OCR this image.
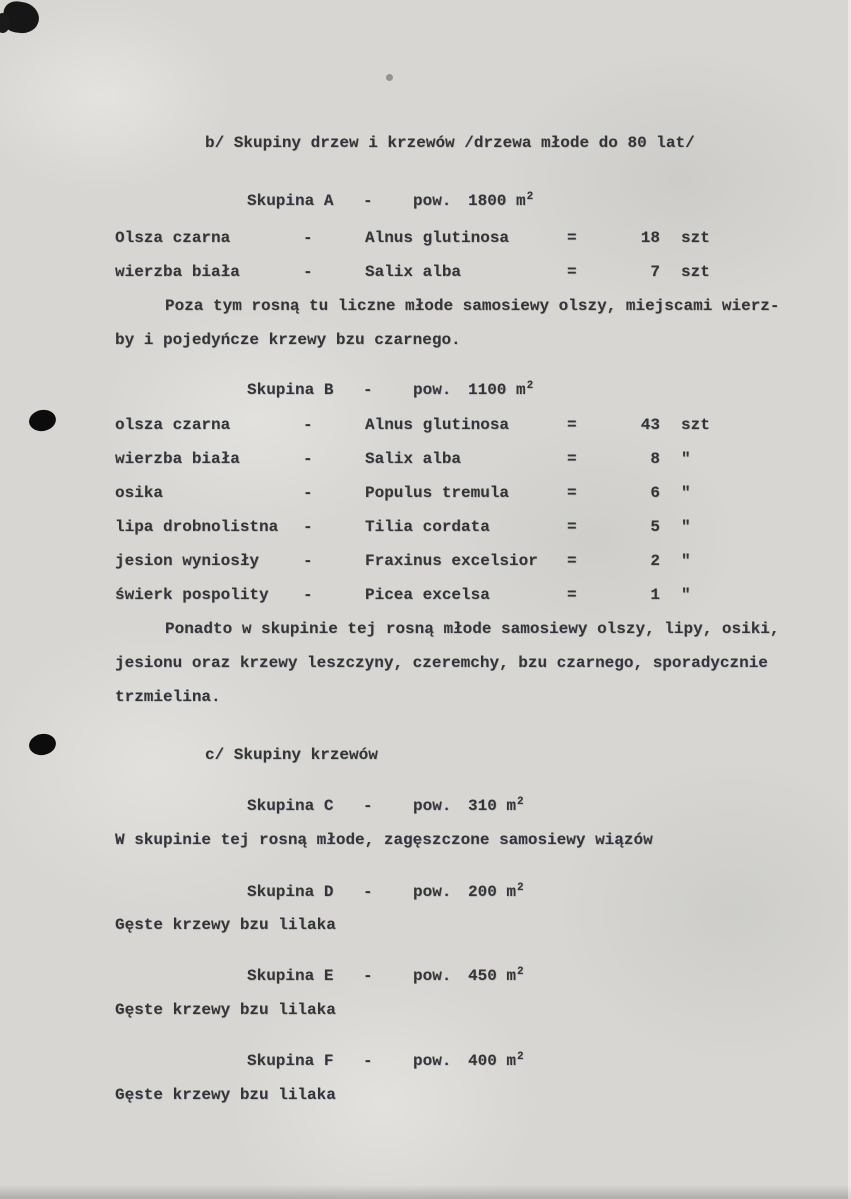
b/ Skupiny drzew i krzewów /drzewa młode do 80 lat/
Skupina A -	pow. 1800 $m^2$
Olsza czarna	-	Alnus glutinosa	=	18 szt
wierzba biała	-	Salix alba	=	7 szt
Poza tym rosną tu liczne młode samosiewy olszy, miejscami wierz-
by i pojedyńcze krzewy bzu czarnego.
Skupina B -	pow. 1100 $m^2$
olsza czarna	-	Alnus glutinosa	=	43 szt
wierzba biała	-	Salix alba	=	8 "
osika	-	Populus tremula	=	6 "
lipa drobnolistna -	Tilia cordata	=	5 "
jesion wyniosły	-	Fraxinus excelsior =	2 "
świerk pospolity -	Picea excelsa	=	1 "
Ponadto w skupinie tej rosną młode samosiewy olszy, lipy, osiki,
jesionu oraz krzewy leszczyny, czeremchy, bzu czarnego, sporadycznie
trzmielina.
c/ Skupiny krzewów
Skupina C -	pow. 310 $m^2$
W skupinie tej rosną młode, zagęszczone samosiewy wiązów
Skupina D -	pow. 200 $m^2$
Gęste krzewy bzu lilaka
Skupina E -	pow. 450 $m^2$
Gęste krzewy bzu lilaka
Skupina F -	pow. 400 $m^2$
Gęste krzewy bzu lilaka
